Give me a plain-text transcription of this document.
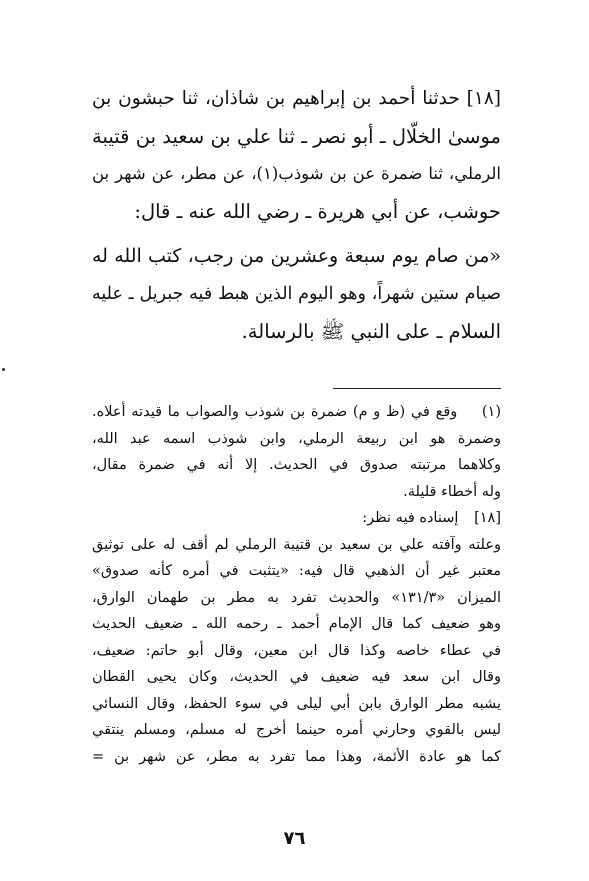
[١٨] حدثنا أحمد بن إبراهيم بن شاذان، ثنا حبشون بن
موسىٰ الخلّال ـ أبو نصر ـ ثنا علي بن سعيد بن قتيبة
الرملي، ثنا ضمرة عن بن شوذب(١)، عن مطر، عن شهر بن
حوشب، عن أبي هريرة ـ رضي الله عنه ـ قال:

«من صام يوم سبعة وعشرين من رجب، كتب الله له
صيام ستين شهراً، وهو اليوم الذين هبط فيه جبريل ـ عليه
السلام ـ على النبي ﷺ بالرسالة.

(١) وقع في (ظ و م) ضمرة بن شوذب والصواب ما قيدته أعلاه.
وضمرة هو ابن ربيعة الرملي، وابن شوذب اسمه عبد الله،
وكلاهما مرتبته صدوق في الحديث. إلا أنه في ضمرة مقال،
وله أخطاء قليلة.
[١٨] إسناده فيه نظر:
وعلته وآفته علي بن سعيد بن قتيبة الرملي لم أقف له على توثيق
معتبر غير أن الذهبي قال فيه: «يتثبت في أمره كأنه صدوق»
الميزان «١٣١/٣» والحديث تفرد به مطر بن طهمان الوارق،
وهو ضعيف كما قال الإمام أحمد ـ رحمه الله ـ ضعيف الحديث
في عطاء خاصه وكذا قال ابن معين، وقال أبو حاتم: ضعيف،
وقال ابن سعد فيه ضعيف في الحديث، وكان يحيى القطان
يشبه مطر الوارق بابن أبي ليلى في سوء الحفظ، وقال النسائي
ليس بالقوي وحارني أمره حينما أخرج له مسلم، ومسلم ينتقي
كما هو عادة الأئمة، وهذا مما تفرد به مطر، عن شهر بن =
٧٦
